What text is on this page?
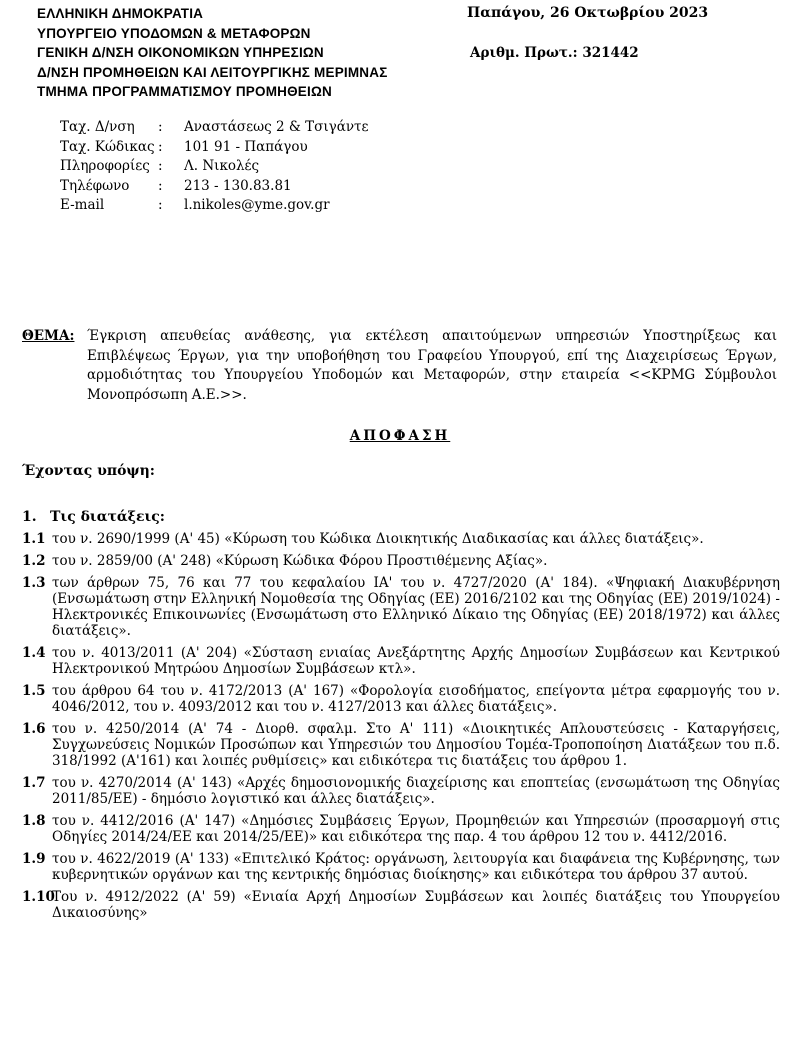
ΕΛΛΗΝΙΚΗ ΔΗΜΟΚΡΑΤΙΑ
ΥΠΟΥΡΓΕΙΟ ΥΠΟΔΟΜΩΝ & ΜΕΤΑΦΟΡΩΝ
ΓΕΝΙΚΗ Δ/ΝΣΗ ΟΙΚΟΝΟΜΙΚΩΝ ΥΠΗΡΕΣΙΩΝ
Δ/ΝΣΗ ΠΡΟΜΗΘΕΙΩΝ ΚΑΙ ΛΕΙΤΟΥΡΓΙΚΗΣ ΜΕΡΙΜΝΑΣ
ΤΜΗΜΑ ΠΡΟΓΡΑΜΜΑΤΙΣΜΟΥ ΠΡΟΜΗΘΕΙΩΝ
Παπάγου, 26 Οκτωβρίου 2023
Αριθμ. Πρωτ.: 321442
Ταχ. Δ/νση	:	Αναστάσεως 2 & Τσιγάντε
Ταχ. Κώδικας :	101 91 - Παπάγου
Πληροφορίες :	Λ. Νικολές
Τηλέφωνο	:	213 - 130.83.81
E-mail	:	l.nikoles@yme.gov.gr
ΘΕΜΑ: Έγκριση απευθείας ανάθεσης, για εκτέλεση απαιτούμενων υπηρεσιών Υποστηρίξεως και Επιβλέψεως Έργων, για την υποβοήθηση του Γραφείου Υπουργού, επί της Διαχειρίσεως Έργων, αρμοδιότητας του Υπουργείου Υποδομών και Μεταφορών, στην εταιρεία <<KPMG Σύμβουλοι Μονοπρόσωπη Α.Ε.>>.
ΑΠΟΦΑΣΗ
Έχοντας υπόψη:
1. Τις διατάξεις:
1.1 του ν. 2690/1999 (Α' 45) «Κύρωση του Κώδικα Διοικητικής Διαδικασίας και άλλες διατάξεις».
1.2 του ν. 2859/00 (Α' 248) «Κύρωση Κώδικα Φόρου Προστιθέμενης Αξίας».
1.3 των άρθρων 75, 76 και 77 του κεφαλαίου ΙΑ' του ν. 4727/2020 (Α' 184). «Ψηφιακή Διακυβέρνηση (Ενσωμάτωση στην Ελληνική Νομοθεσία της Οδηγίας (ΕΕ) 2016/2102 και της Οδηγίας (ΕΕ) 2019/1024) - Ηλεκτρονικές Επικοινωνίες (Ενσωμάτωση στο Ελληνικό Δίκαιο της Οδηγίας (ΕΕ) 2018/1972) και άλλες διατάξεις».
1.4 του ν. 4013/2011 (Α' 204) «Σύσταση ενιαίας Ανεξάρτητης Αρχής Δημοσίων Συμβάσεων και Κεντρικού Ηλεκτρονικού Μητρώου Δημοσίων Συμβάσεων κτλ».
1.5 του άρθρου 64 του ν. 4172/2013 (Α' 167) «Φορολογία εισοδήματος, επείγοντα μέτρα εφαρμογής του ν. 4046/2012, του ν. 4093/2012 και του ν. 4127/2013 και άλλες διατάξεις».
1.6 του ν. 4250/2014 (Α' 74 - Διορθ. σφαλμ. Στο Α' 111) «Διοικητικές Απλουστεύσεις - Καταργήσεις, Συγχωνεύσεις Νομικών Προσώπων και Υπηρεσιών του Δημοσίου Τομέα-Τροποποίηση Διατάξεων του π.δ. 318/1992 (Α'161) και λοιπές ρυθμίσεις» και ειδικότερα τις διατάξεις του άρθρου 1.
1.7 του ν. 4270/2014 (Α' 143) «Αρχές δημοσιονομικής διαχείρισης και εποπτείας (ενσωμάτωση της Οδηγίας 2011/85/ΕΕ) - δημόσιο λογιστικό και άλλες διατάξεις».
1.8 του ν. 4412/2016 (Α' 147) «Δημόσιες Συμβάσεις Έργων, Προμηθειών και Υπηρεσιών (προσαρμογή στις Οδηγίες 2014/24/ΕΕ και 2014/25/ΕΕ)» και ειδικότερα της παρ. 4 του άρθρου 12 του ν. 4412/2016.
1.9 του ν. 4622/2019 (Α' 133) «Επιτελικό Κράτος: οργάνωση, λειτουργία και διαφάνεια της Κυβέρνησης, των κυβερνητικών οργάνων και της κεντρικής δημόσιας διοίκησης» και ειδικότερα του άρθρου 37 αυτού.
1.10
Του ν. 4912/2022 (Α' 59) «Ενιαία Αρχή Δημοσίων Συμβάσεων και λοιπές διατάξεις του Υπουργείου Δικαιοσύνης»
